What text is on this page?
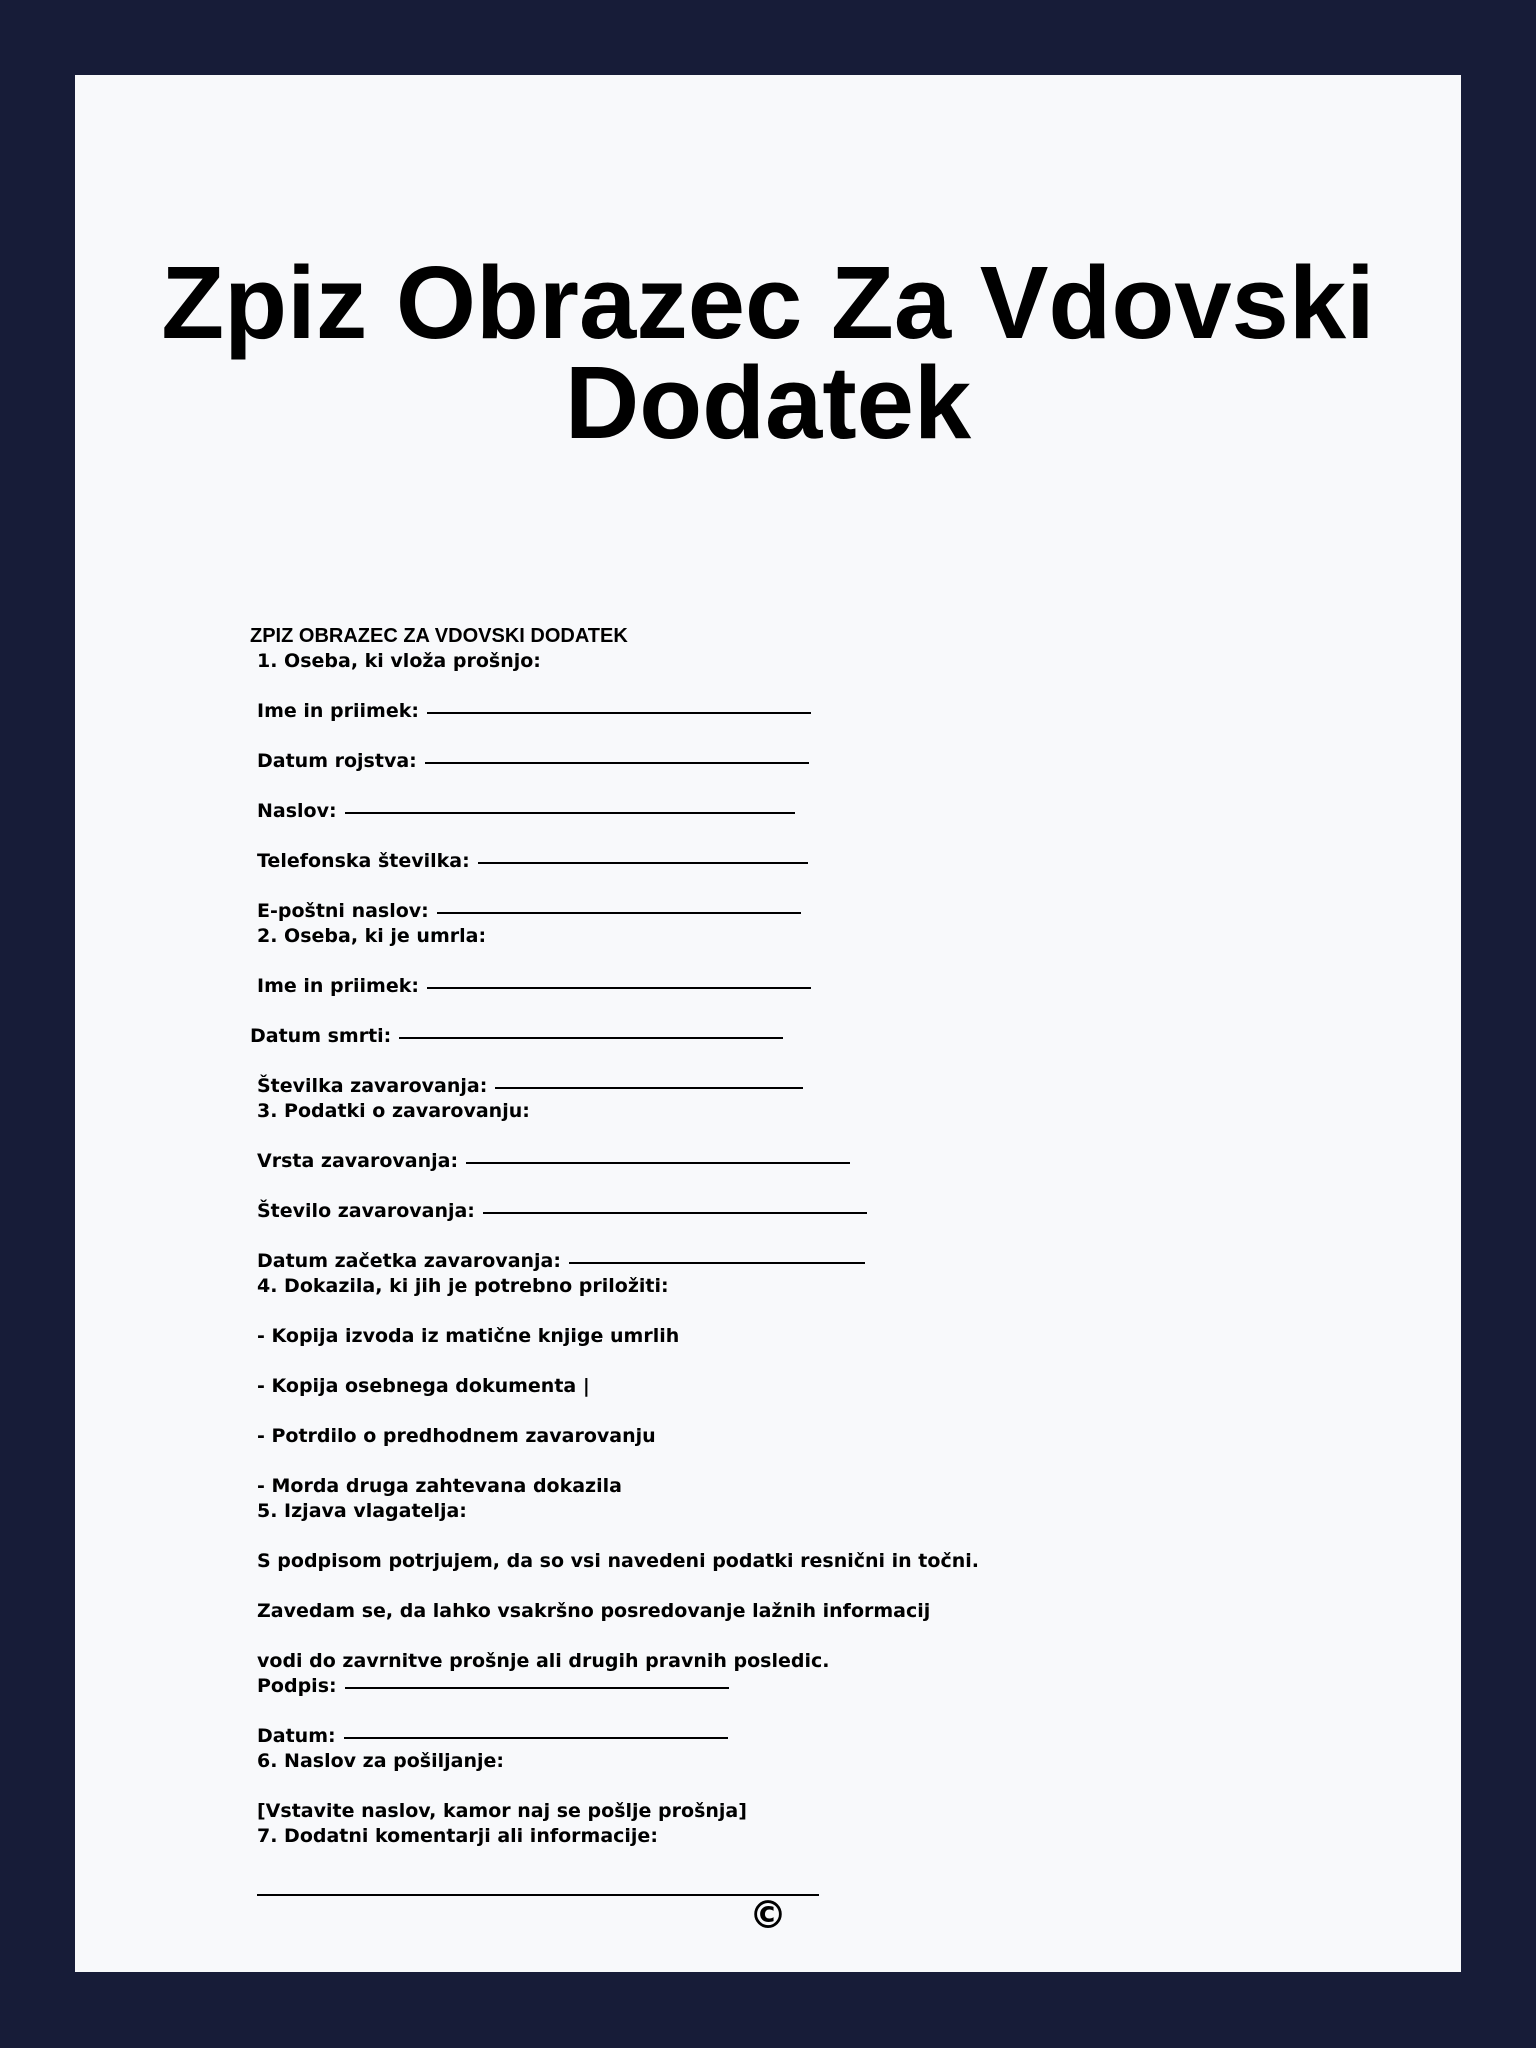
Zpiz Obrazec Za Vdovski Dodatek
ZPIZ OBRAZEC ZA VDOVSKI DODATEK
1. Oseba, ki vloža prošnjo:
Ime in priimek:
Datum rojstva:
Naslov:
Telefonska številka:
E-poštni naslov:
2. Oseba, ki je umrla:
Ime in priimek:
Datum smrti:
Številka zavarovanja:
3. Podatki o zavarovanju:
Vrsta zavarovanja:
Število zavarovanja:
Datum začetka zavarovanja:
4. Dokazila, ki jih je potrebno priložiti:
- Kopija izvoda iz matične knjige umrlih
- Kopija osebnega dokumenta |
- Potrdilo o predhodnem zavarovanju
- Morda druga zahtevana dokazila
5. Izjava vlagatelja:
S podpisom potrjujem, da so vsi navedeni podatki resnični in točni.
Zavedam se, da lahko vsakršno posredovanje lažnih informacij
vodi do zavrnitve prošnje ali drugih pravnih posledic.
Podpis:
Datum:
6. Naslov za pošiljanje:
[Vstavite naslov, kamor naj se pošlje prošnja]
7. Dodatni komentarji ali informacije:
©
